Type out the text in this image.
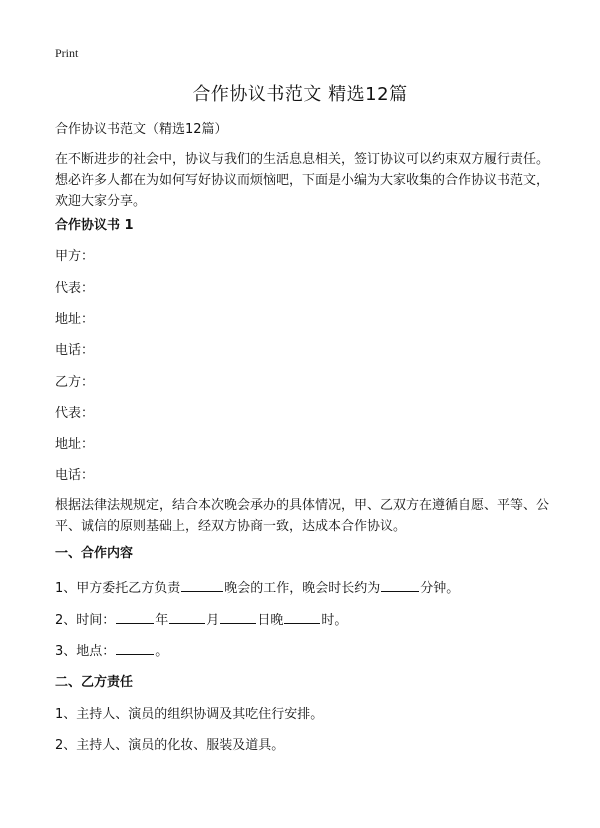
Print
合作协议书范文 精选12篇
合作协议书范文（精选12篇）
在不断进步的社会中，协议与我们的生活息息相关，签订协议可以约束双方履行责任。想必许多人都在为如何写好协议而烦恼吧，下面是小编为大家收集的合作协议书范文，欢迎大家分享。
合作协议书 1
甲方：
代表：
地址：
电话：
乙方：
代表：
地址：
电话：
根据法律法规规定，结合本次晚会承办的具体情况，甲、乙双方在遵循自愿、平等、公平、诚信的原则基础上，经双方协商一致，达成本合作协议。
一、合作内容
1、甲方委托乙方负责	晚会的工作，晚会时长约为	分钟。
2、时间：	年	月	日晚	时。
3、地点：	。
二、乙方责任
1、主持人、演员的组织协调及其吃住行安排。
2、主持人、演员的化妆、服装及道具。
